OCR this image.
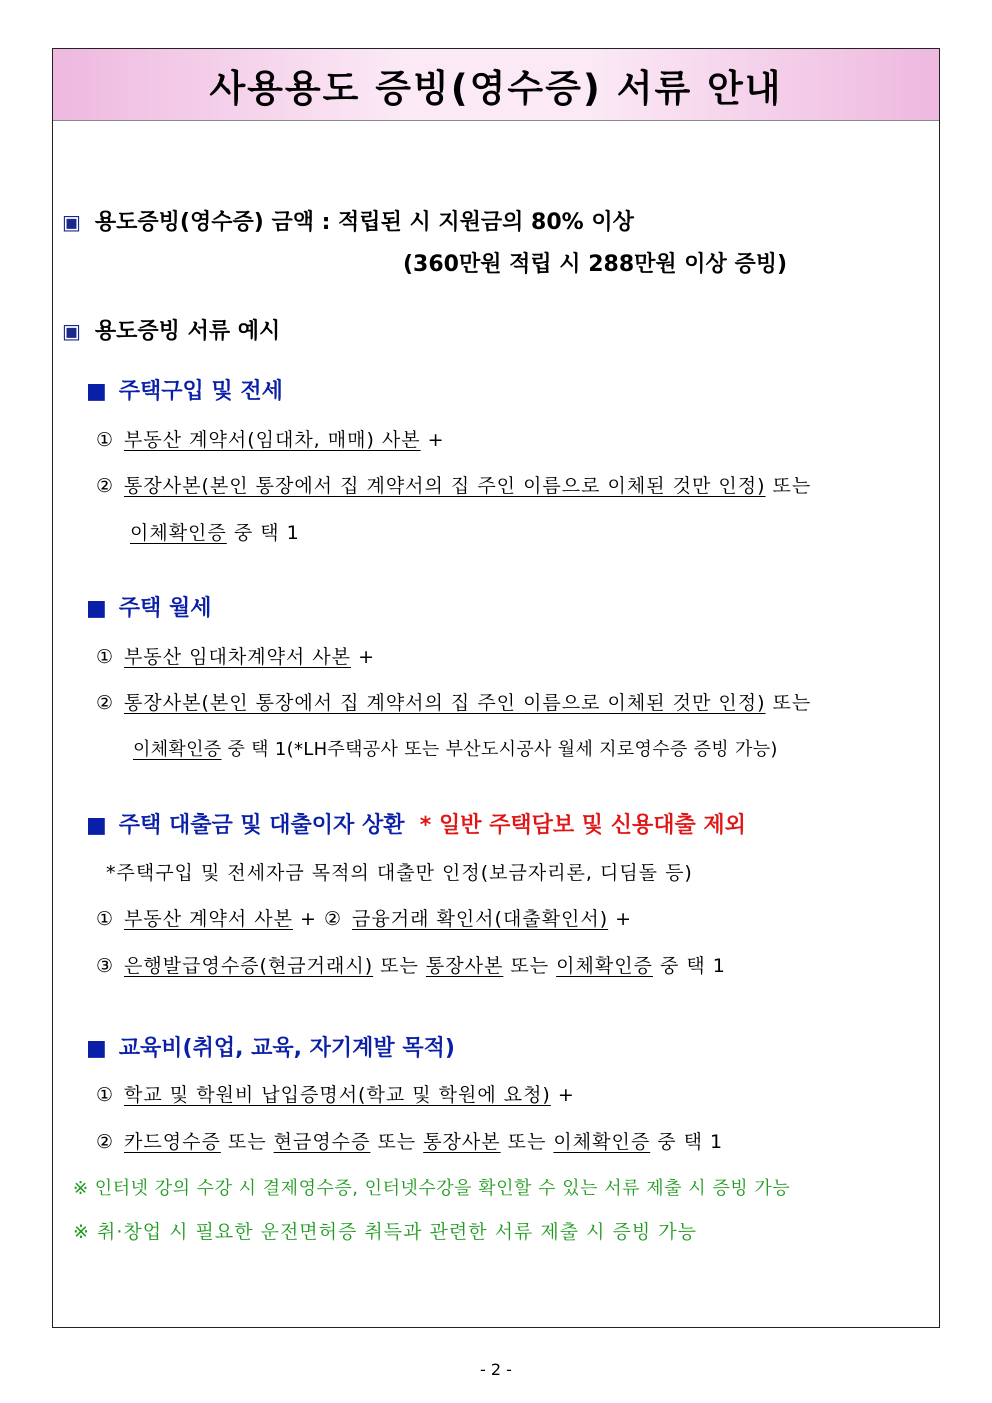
사용용도 증빙(영수증) 서류 안내
▣ 용도증빙(영수증) 금액 : 적립된 시 지원금의 80% 이상
(360만원 적립 시 288만원 이상 증빙)
▣ 용도증빙 서류 예시
■ 주택구입 및 전세
① 부동산 계약서(임대차, 매매) 사본 +
② 통장사본(본인 통장에서 집 계약서의 집 주인 이름으로 이체된 것만 인정) 또는
이체확인증 중 택 1
■ 주택 월세
① 부동산 임대차계약서 사본 +
② 통장사본(본인 통장에서 집 계약서의 집 주인 이름으로 이체된 것만 인정) 또는
이체확인증 중 택 1(*LH주택공사 또는 부산도시공사 월세 지로영수증 증빙 가능)
■ 주택 대출금 및 대출이자 상환 * 일반 주택담보 및 신용대출 제외
*주택구입 및 전세자금 목적의 대출만 인정(보금자리론, 디딤돌 등)
① 부동산 계약서 사본 + ② 금융거래 확인서(대출확인서) +
③ 은행발급영수증(현금거래시) 또는 통장사본 또는 이체확인증 중 택 1
■ 교육비(취업, 교육, 자기계발 목적)
① 학교 및 학원비 납입증명서(학교 및 학원에 요청) +
② 카드영수증 또는 현금영수증 또는 통장사본 또는 이체확인증 중 택 1
※ 인터넷 강의 수강 시 결제영수증, 인터넷수강을 확인할 수 있는 서류 제출 시 증빙 가능
※ 취·창업 시 필요한 운전면허증 취득과 관련한 서류 제출 시 증빙 가능
- 2 -
